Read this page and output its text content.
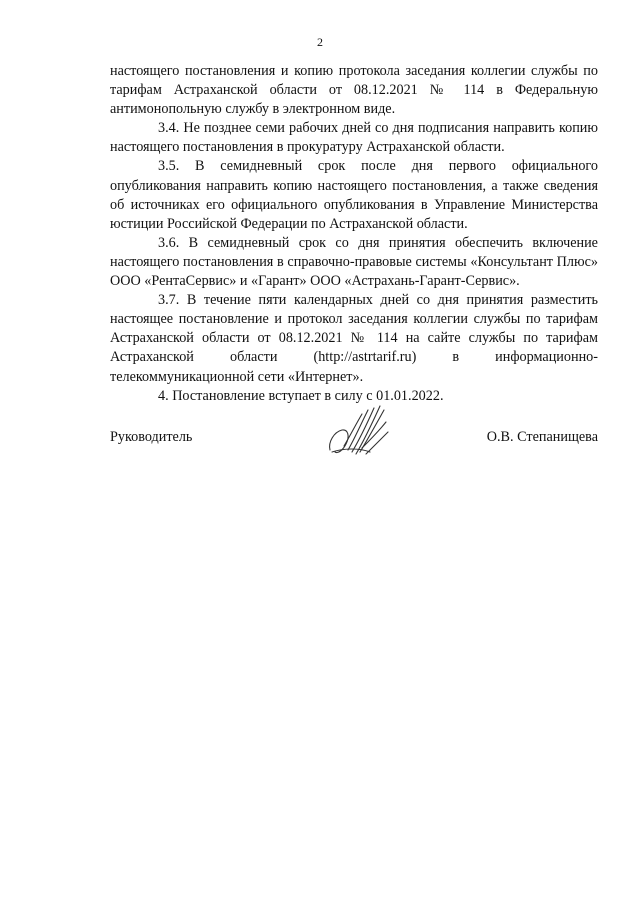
2

настоящего постановления и копию протокола заседания коллегии службы по тарифам Астраханской области от 08.12.2021 № 114 в Федеральную антимонопольную службу в электронном виде.

3.4. Не позднее семи рабочих дней со дня подписания направить копию настоящего постановления в прокуратуру Астраханской области.

3.5. В семидневный срок после дня первого официального опубликования направить копию настоящего постановления, а также сведения об источниках его официального опубликования в Управление Министерства юстиции Российской Федерации по Астраханской области.

3.6. В семидневный срок со дня принятия обеспечить включение настоящего постановления в справочно-правовые системы «Консультант Плюс» ООО «РентаСервис» и «Гарант» ООО «Астрахань-Гарант-Сервис».

3.7. В течение пяти календарных дней со дня принятия разместить настоящее постановление и протокол заседания коллегии службы по тарифам Астраханской области от 08.12.2021 № 114 на сайте службы по тарифам Астраханской области (http://astrtarif.ru) в информационно-телекоммуникационной сети «Интернет».

4. Постановление вступает в силу с 01.01.2022.

Руководитель	О.В. Степанищева
